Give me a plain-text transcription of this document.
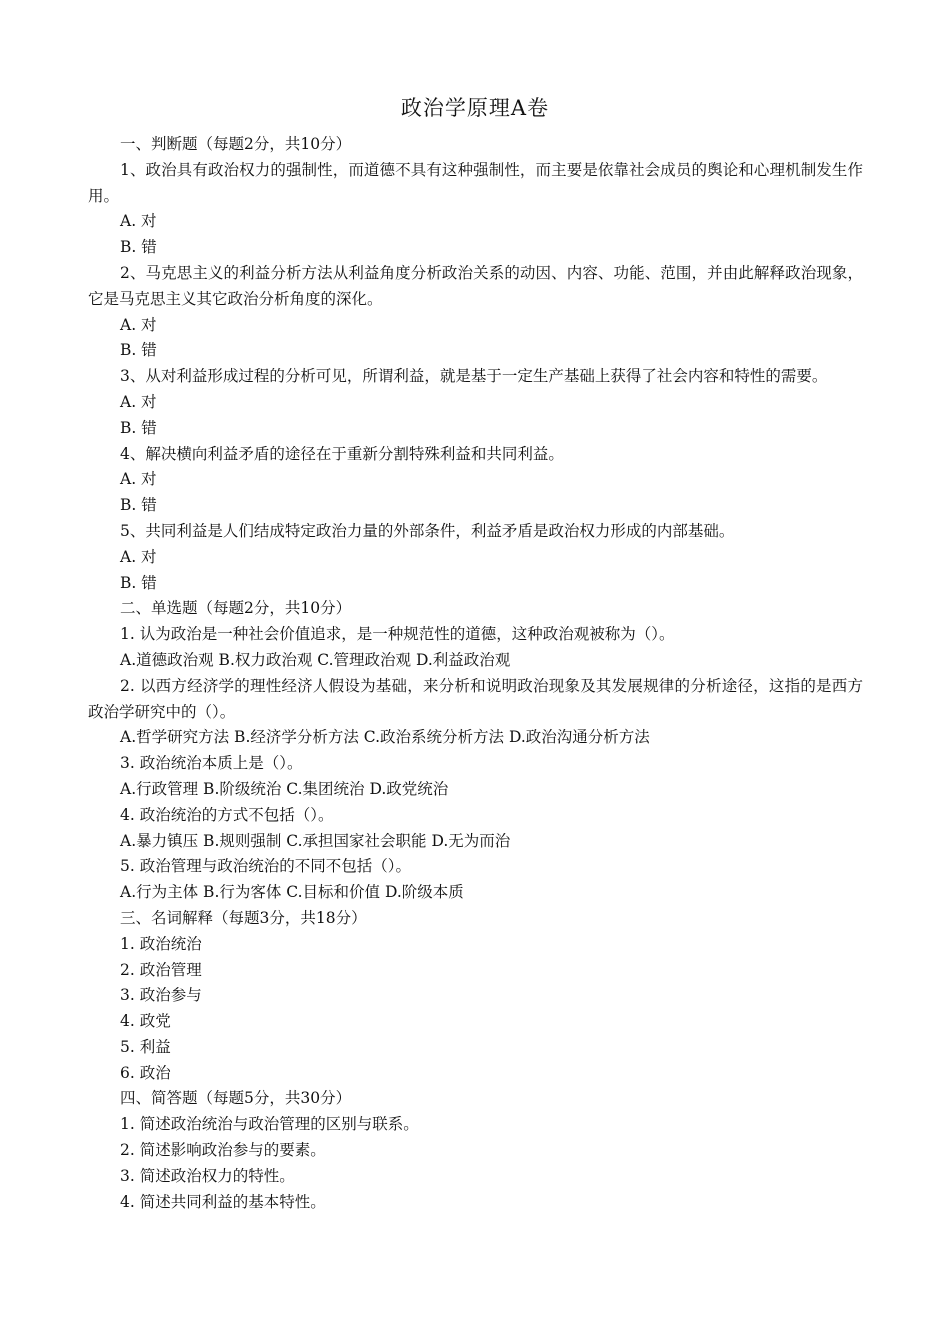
政治学原理A卷
一、判断题（每题2分，共10分）
1、政治具有政治权力的强制性，而道德不具有这种强制性，而主要是依靠社会成员的舆论和心理机制发生作用。
A. 对
B. 错
2、马克思主义的利益分析方法从利益角度分析政治关系的动因、内容、功能、范围，并由此解释政治现象，它是马克思主义其它政治分析角度的深化。
A. 对
B. 错
3、从对利益形成过程的分析可见，所谓利益，就是基于一定生产基础上获得了社会内容和特性的需要。
A. 对
B. 错
4、解决横向利益矛盾的途径在于重新分割特殊利益和共同利益。
A. 对
B. 错
5、共同利益是人们结成特定政治力量的外部条件，利益矛盾是政治权力形成的内部基础。
A. 对
B. 错
二、单选题（每题2分，共10分）
1. 认为政治是一种社会价值追求，是一种规范性的道德，这种政治观被称为（）。
A.道德政治观 B.权力政治观 C.管理政治观 D.利益政治观
2. 以西方经济学的理性经济人假设为基础，来分析和说明政治现象及其发展规律的分析途径，这指的是西方政治学研究中的（）。
A.哲学研究方法 B.经济学分析方法 C.政治系统分析方法 D.政治沟通分析方法
3. 政治统治本质上是（）。
A.行政管理 B.阶级统治 C.集团统治 D.政党统治
4. 政治统治的方式不包括（）。
A.暴力镇压 B.规则强制 C.承担国家社会职能 D.无为而治
5. 政治管理与政治统治的不同不包括（）。
A.行为主体 B.行为客体 C.目标和价值 D.阶级本质
三、名词解释（每题3分，共18分）
1. 政治统治
2. 政治管理
3. 政治参与
4. 政党
5. 利益
6. 政治
四、简答题（每题5分，共30分）
1. 简述政治统治与政治管理的区别与联系。
2. 简述影响政治参与的要素。
3. 简述政治权力的特性。
4. 简述共同利益的基本特性。
